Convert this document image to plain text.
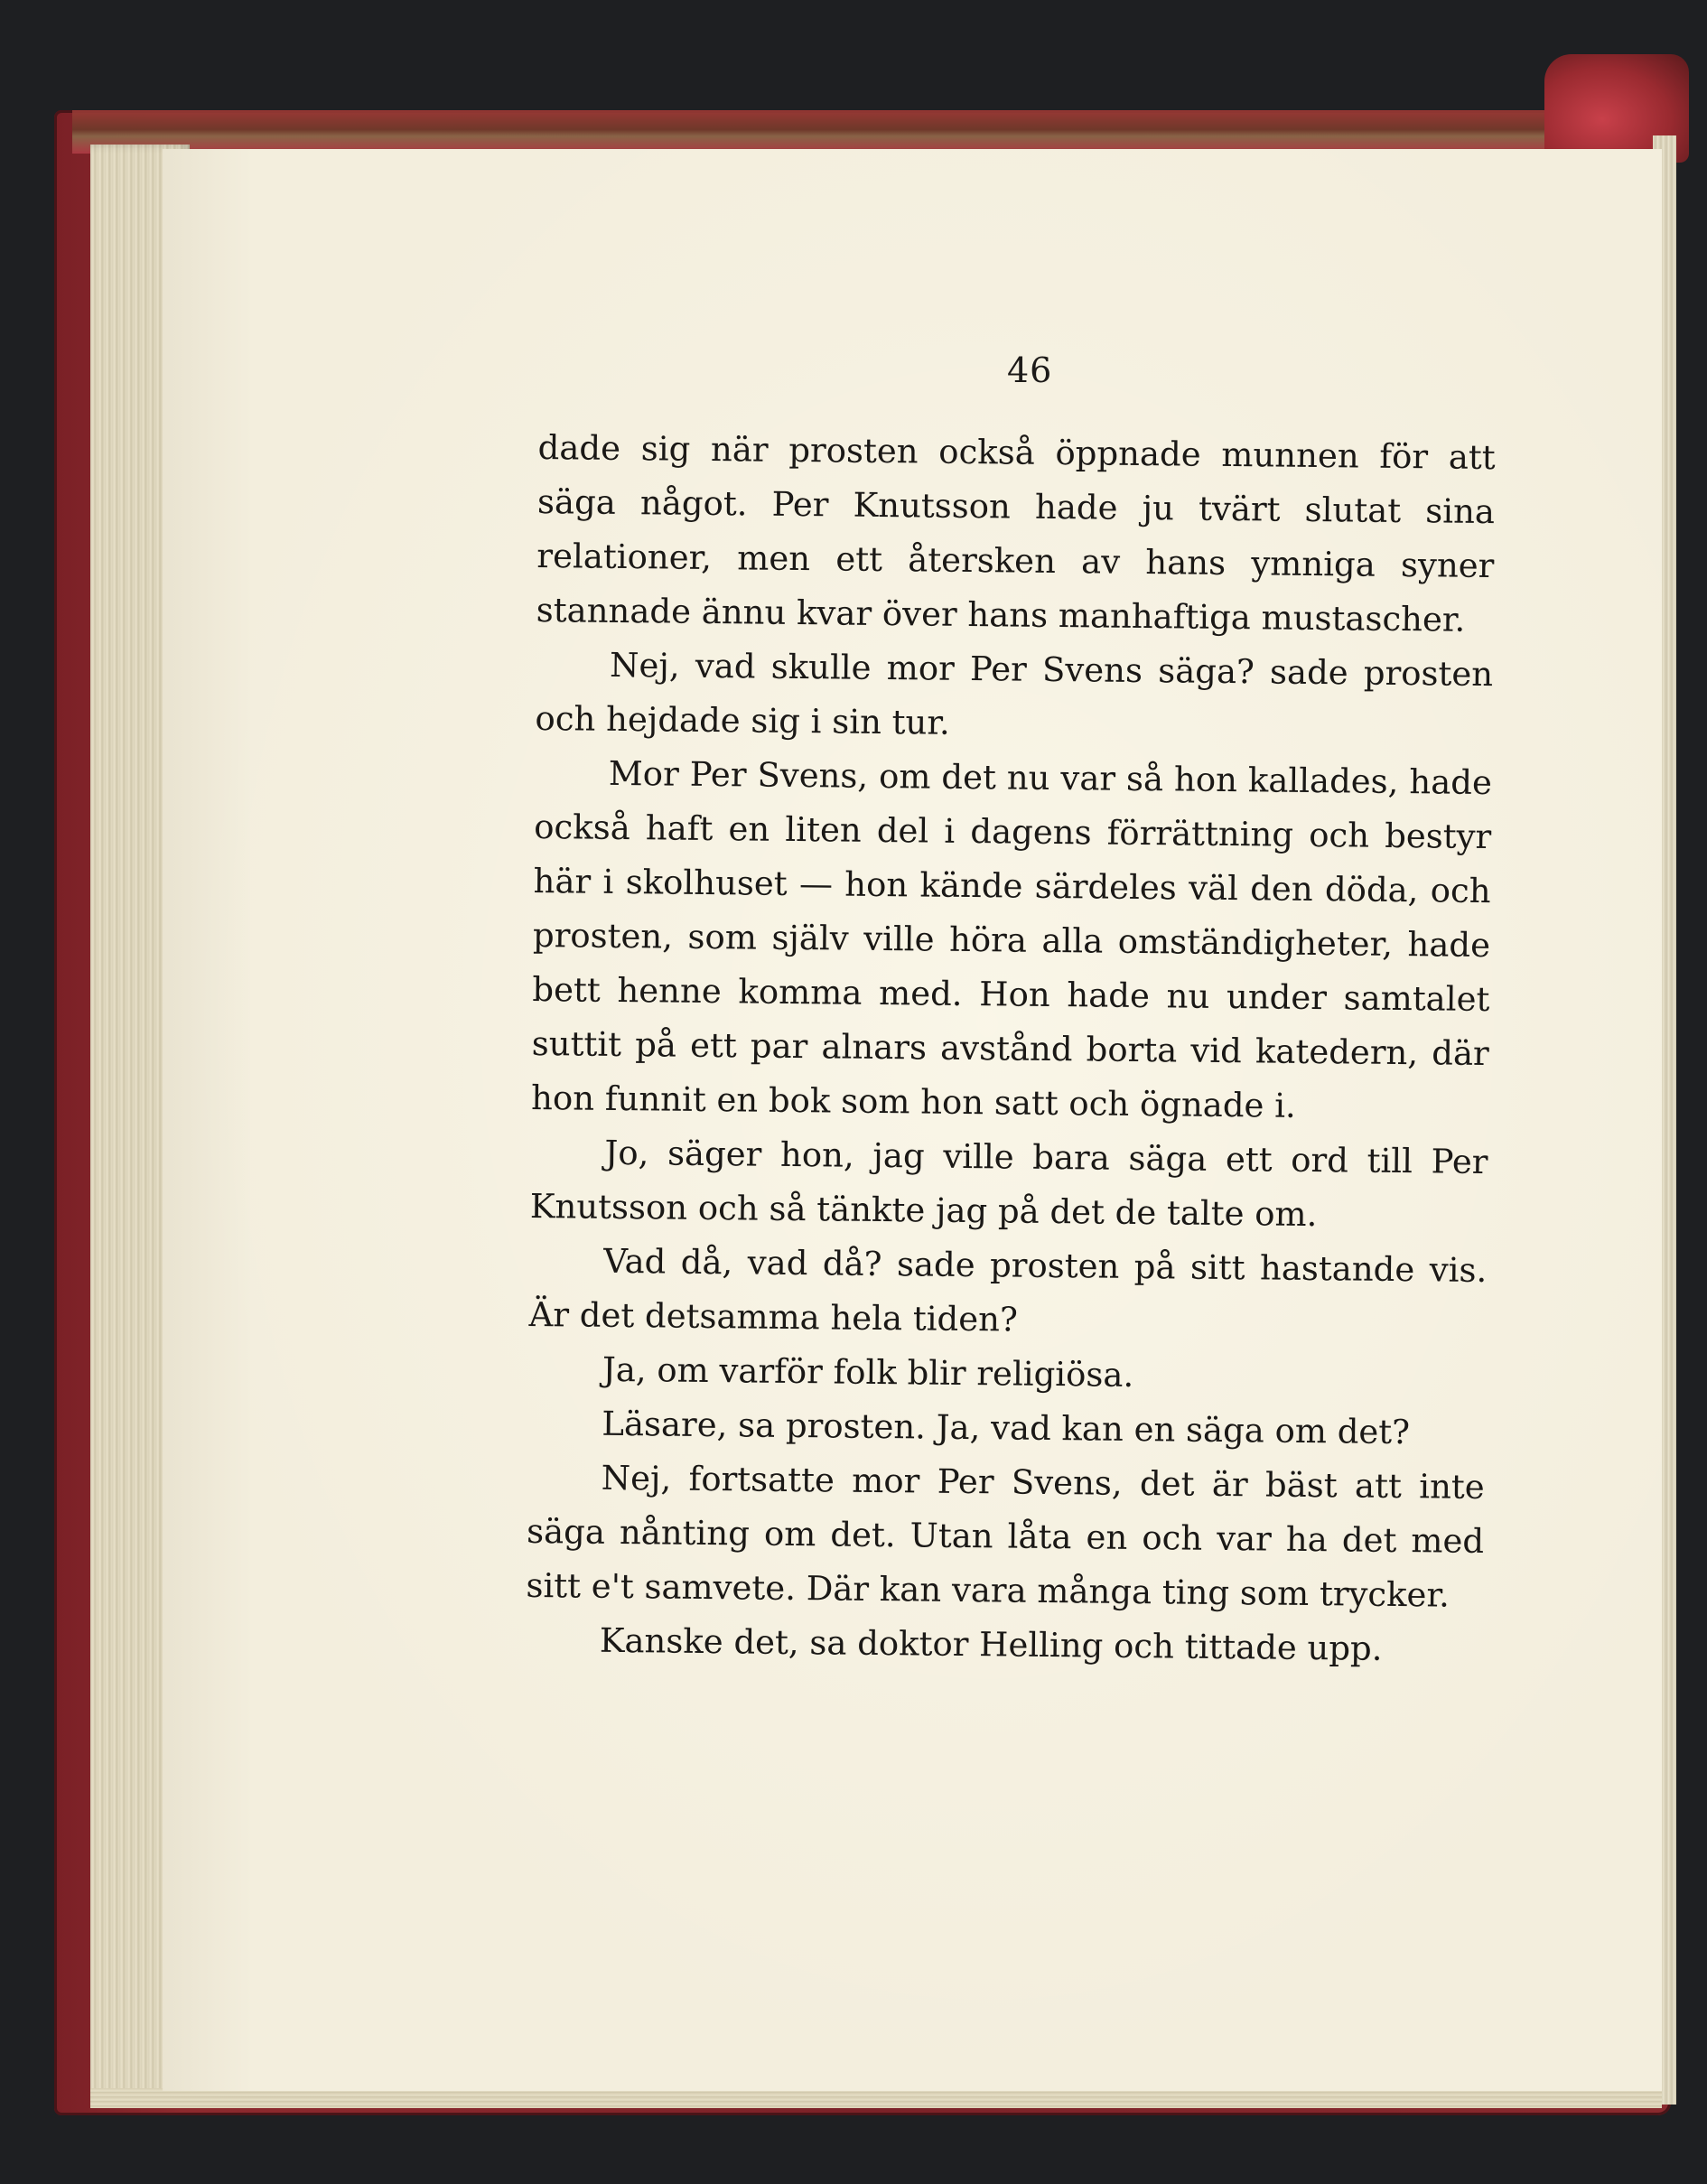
46

dade sig när prosten också öppnade munnen för att säga något. Per Knutsson hade ju tvärt slutat sina relationer, men ett återsken av hans ymniga syner stannade ännu kvar över hans manhaftiga mustascher.

Nej, vad skulle mor Per Svens säga? sade prosten och hejdade sig i sin tur.

Mor Per Svens, om det nu var så hon kallades, hade också haft en liten del i dagens förrättning och bestyr här i skolhuset — hon kände särdeles väl den döda, och prosten, som själv ville höra alla omständigheter, hade bett henne komma med. Hon hade nu under samtalet suttit på ett par alnars avstånd borta vid katedern, där hon funnit en bok som hon satt och ögnade i.

Jo, säger hon, jag ville bara säga ett ord till Per Knutsson och så tänkte jag på det de talte om.

Vad då, vad då? sade prosten på sitt hastande vis. Är det detsamma hela tiden?

Ja, om varför folk blir religiösa.

Läsare, sa prosten. Ja, vad kan en säga om det?

Nej, fortsatte mor Per Svens, det är bäst att inte säga nånting om det. Utan låta en och var ha det med sitt e't samvete. Där kan vara många ting som trycker.

Kanske det, sa doktor Helling och tittade upp.
